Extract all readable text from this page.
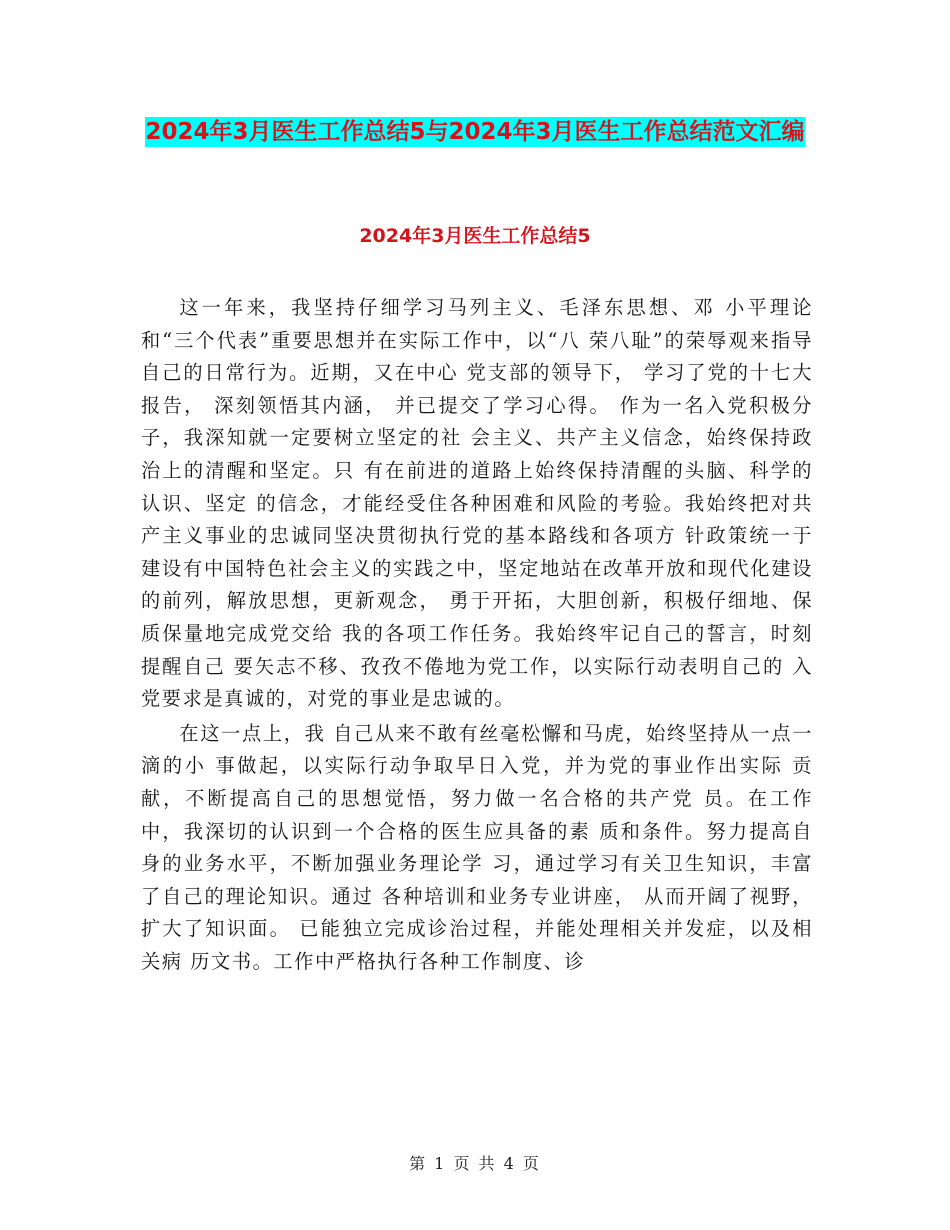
2024年3月医生工作总结5与2024年3月医生工作总结范文汇编
2024年3月医生工作总结5

这一年来，我坚持仔细学习马列主义、毛泽东思想、邓 小平理论和“三个代表”重要思想并在实际工作中，以“八 荣八耻”的荣辱观来指导自己的日常行为。近期，又在中心 党支部的领导下， 学习了党的十七大报告， 深刻领悟其内涵， 并已提交了学习心得。 作为一名入党积极分子，我深知就一定要树立坚定的社 会主义、共产主义信念，始终保持政治上的清醒和坚定。只 有在前进的道路上始终保持清醒的头脑、科学的认识、坚定 的信念，才能经受住各种困难和风险的考验。我始终把对共 产主义事业的忠诚同坚决贯彻执行党的基本路线和各项方 针政策统一于建设有中国特色社会主义的实践之中，坚定地站在改革开放和现代化建设的前列，解放思想，更新观念， 勇于开拓，大胆创新，积极仔细地、保质保量地完成党交给 我的各项工作任务。我始终牢记自己的誓言，时刻提醒自己 要矢志不移、孜孜不倦地为党工作，以实际行动表明自己的 入党要求是真诚的，对党的事业是忠诚的。

在这一点上，我 自己从来不敢有丝毫松懈和马虎，始终坚持从一点一滴的小 事做起，以实际行动争取早日入党，并为党的事业作出实际 贡献，不断提高自己的思想觉悟，努力做一名合格的共产党 员。在工作中，我深切的认识到一个合格的医生应具备的素 质和条件。努力提高自身的业务水平，不断加强业务理论学 习，通过学习有关卫生知识，丰富了自己的理论知识。通过 各种培训和业务专业讲座， 从而开阔了视野， 扩大了知识面。 已能独立完成诊治过程，并能处理相关并发症，以及相关病 历文书。工作中严格执行各种工作制度、诊

第 1 页 共 4 页
